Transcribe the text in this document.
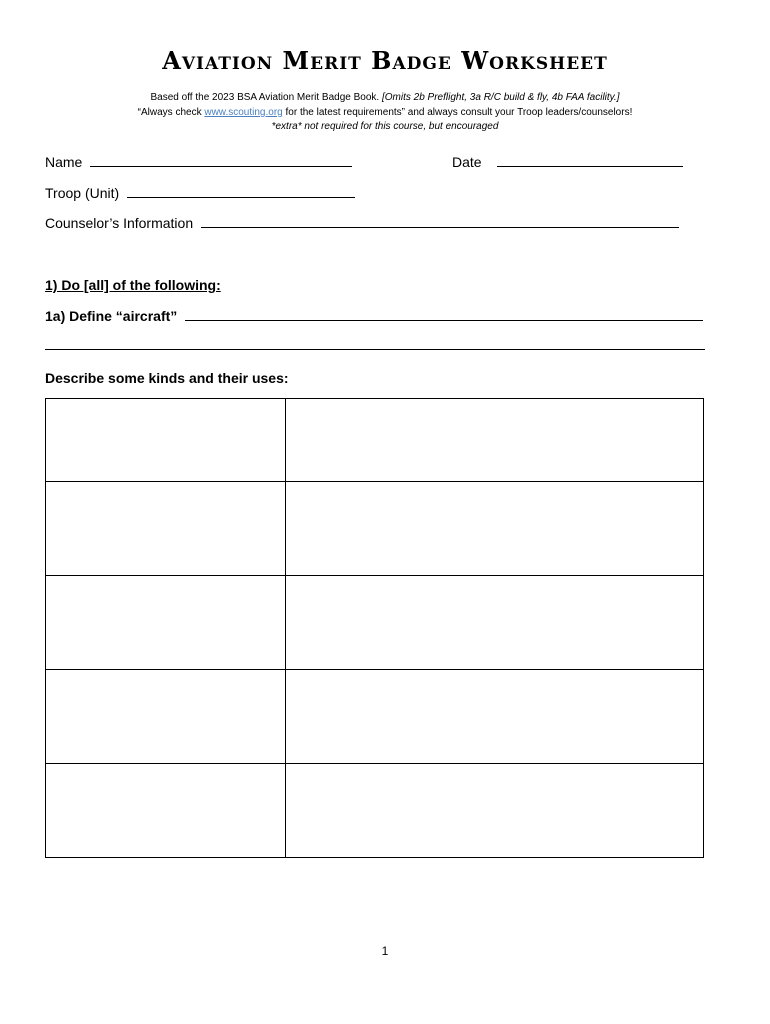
Aviation Merit Badge Worksheet
Based off the 2023 BSA Aviation Merit Badge Book. [Omits 2b Preflight, 3a R/C build & fly, 4b FAA facility.]
“Always check www.scouting.org for the latest requirements” and always consult your Troop leaders/counselors!
*extra* not required for this course, but encouraged
Name	Date
Troop (Unit)
Counselor’s Information
1) Do [all] of the following:
1a) Define “aircraft”
Describe some kinds and their uses:

1
